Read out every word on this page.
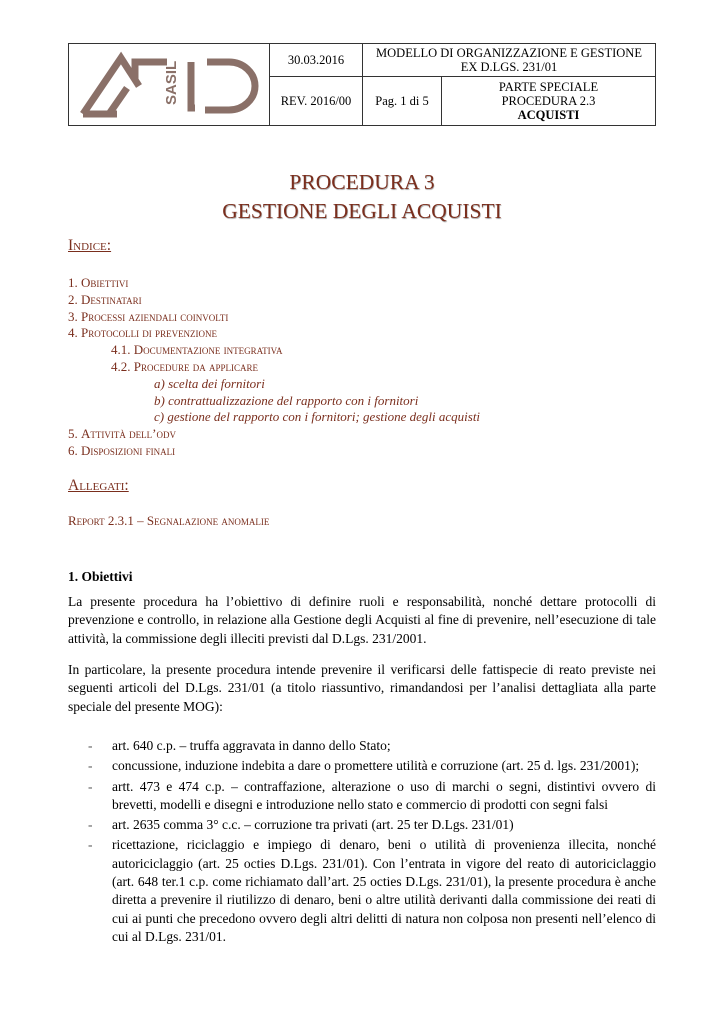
SASIL	30.03.2016	MODELLO DI ORGANIZZAZIONE E GESTIONE EX D.LGS. 231/01	
	REV. 2016/00	Pag. 1 di 5	PARTE SPECIALE
PROCEDURA 2.3
ACQUISTI
PROCEDURA 3
GESTIONE DEGLI ACQUISTI
Indice:
1. Obiettivi
2. Destinatari
3. Processi aziendali coinvolti
4. Protocolli di prevenzione
4.1. Documentazione integrativa
4.2. Procedure da applicare
a) scelta dei fornitori
b) contrattualizzazione del rapporto con i fornitori
c) gestione del rapporto con i fornitori; gestione degli acquisti
5. Attività dell’odv
6. Disposizioni finali
Allegati:
Report 2.3.1 – Segnalazione anomalie
1. Obiettivi
La presente procedura ha l’obiettivo di definire ruoli e responsabilità, nonché dettare protocolli di prevenzione e controllo, in relazione alla Gestione degli Acquisti al fine di prevenire, nell’esecuzione di tale attività, la commissione degli illeciti previsti dal D.Lgs. 231/2001.
In particolare, la presente procedura intende prevenire il verificarsi delle fattispecie di reato previste nei seguenti articoli del D.Lgs. 231/01 (a titolo riassuntivo, rimandandosi per l’analisi dettagliata alla parte speciale del presente MOG):
- art. 640 c.p. – truffa aggravata in danno dello Stato;
- concussione, induzione indebita a dare o promettere utilità e corruzione (art. 25 d. lgs. 231/2001);
- artt. 473 e 474 c.p. – contraffazione, alterazione o uso di marchi o segni, distintivi ovvero di brevetti, modelli e disegni e introduzione nello stato e commercio di prodotti con segni falsi
- art. 2635 comma 3° c.c. – corruzione tra privati (art. 25 ter D.Lgs. 231/01)
- ricettazione, riciclaggio e impiego di denaro, beni o utilità di provenienza illecita, nonché autoriciclaggio (art. 25 octies D.Lgs. 231/01). Con l’entrata in vigore del reato di autoriciclaggio (art. 648 ter.1 c.p. come richiamato dall’art. 25 octies D.Lgs. 231/01), la presente procedura è anche diretta a prevenire il riutilizzo di denaro, beni o altre utilità derivanti dalla commissione dei reati di cui ai punti che precedono ovvero degli altri delitti di natura non colposa non presenti nell’elenco di cui al D.Lgs. 231/01.
